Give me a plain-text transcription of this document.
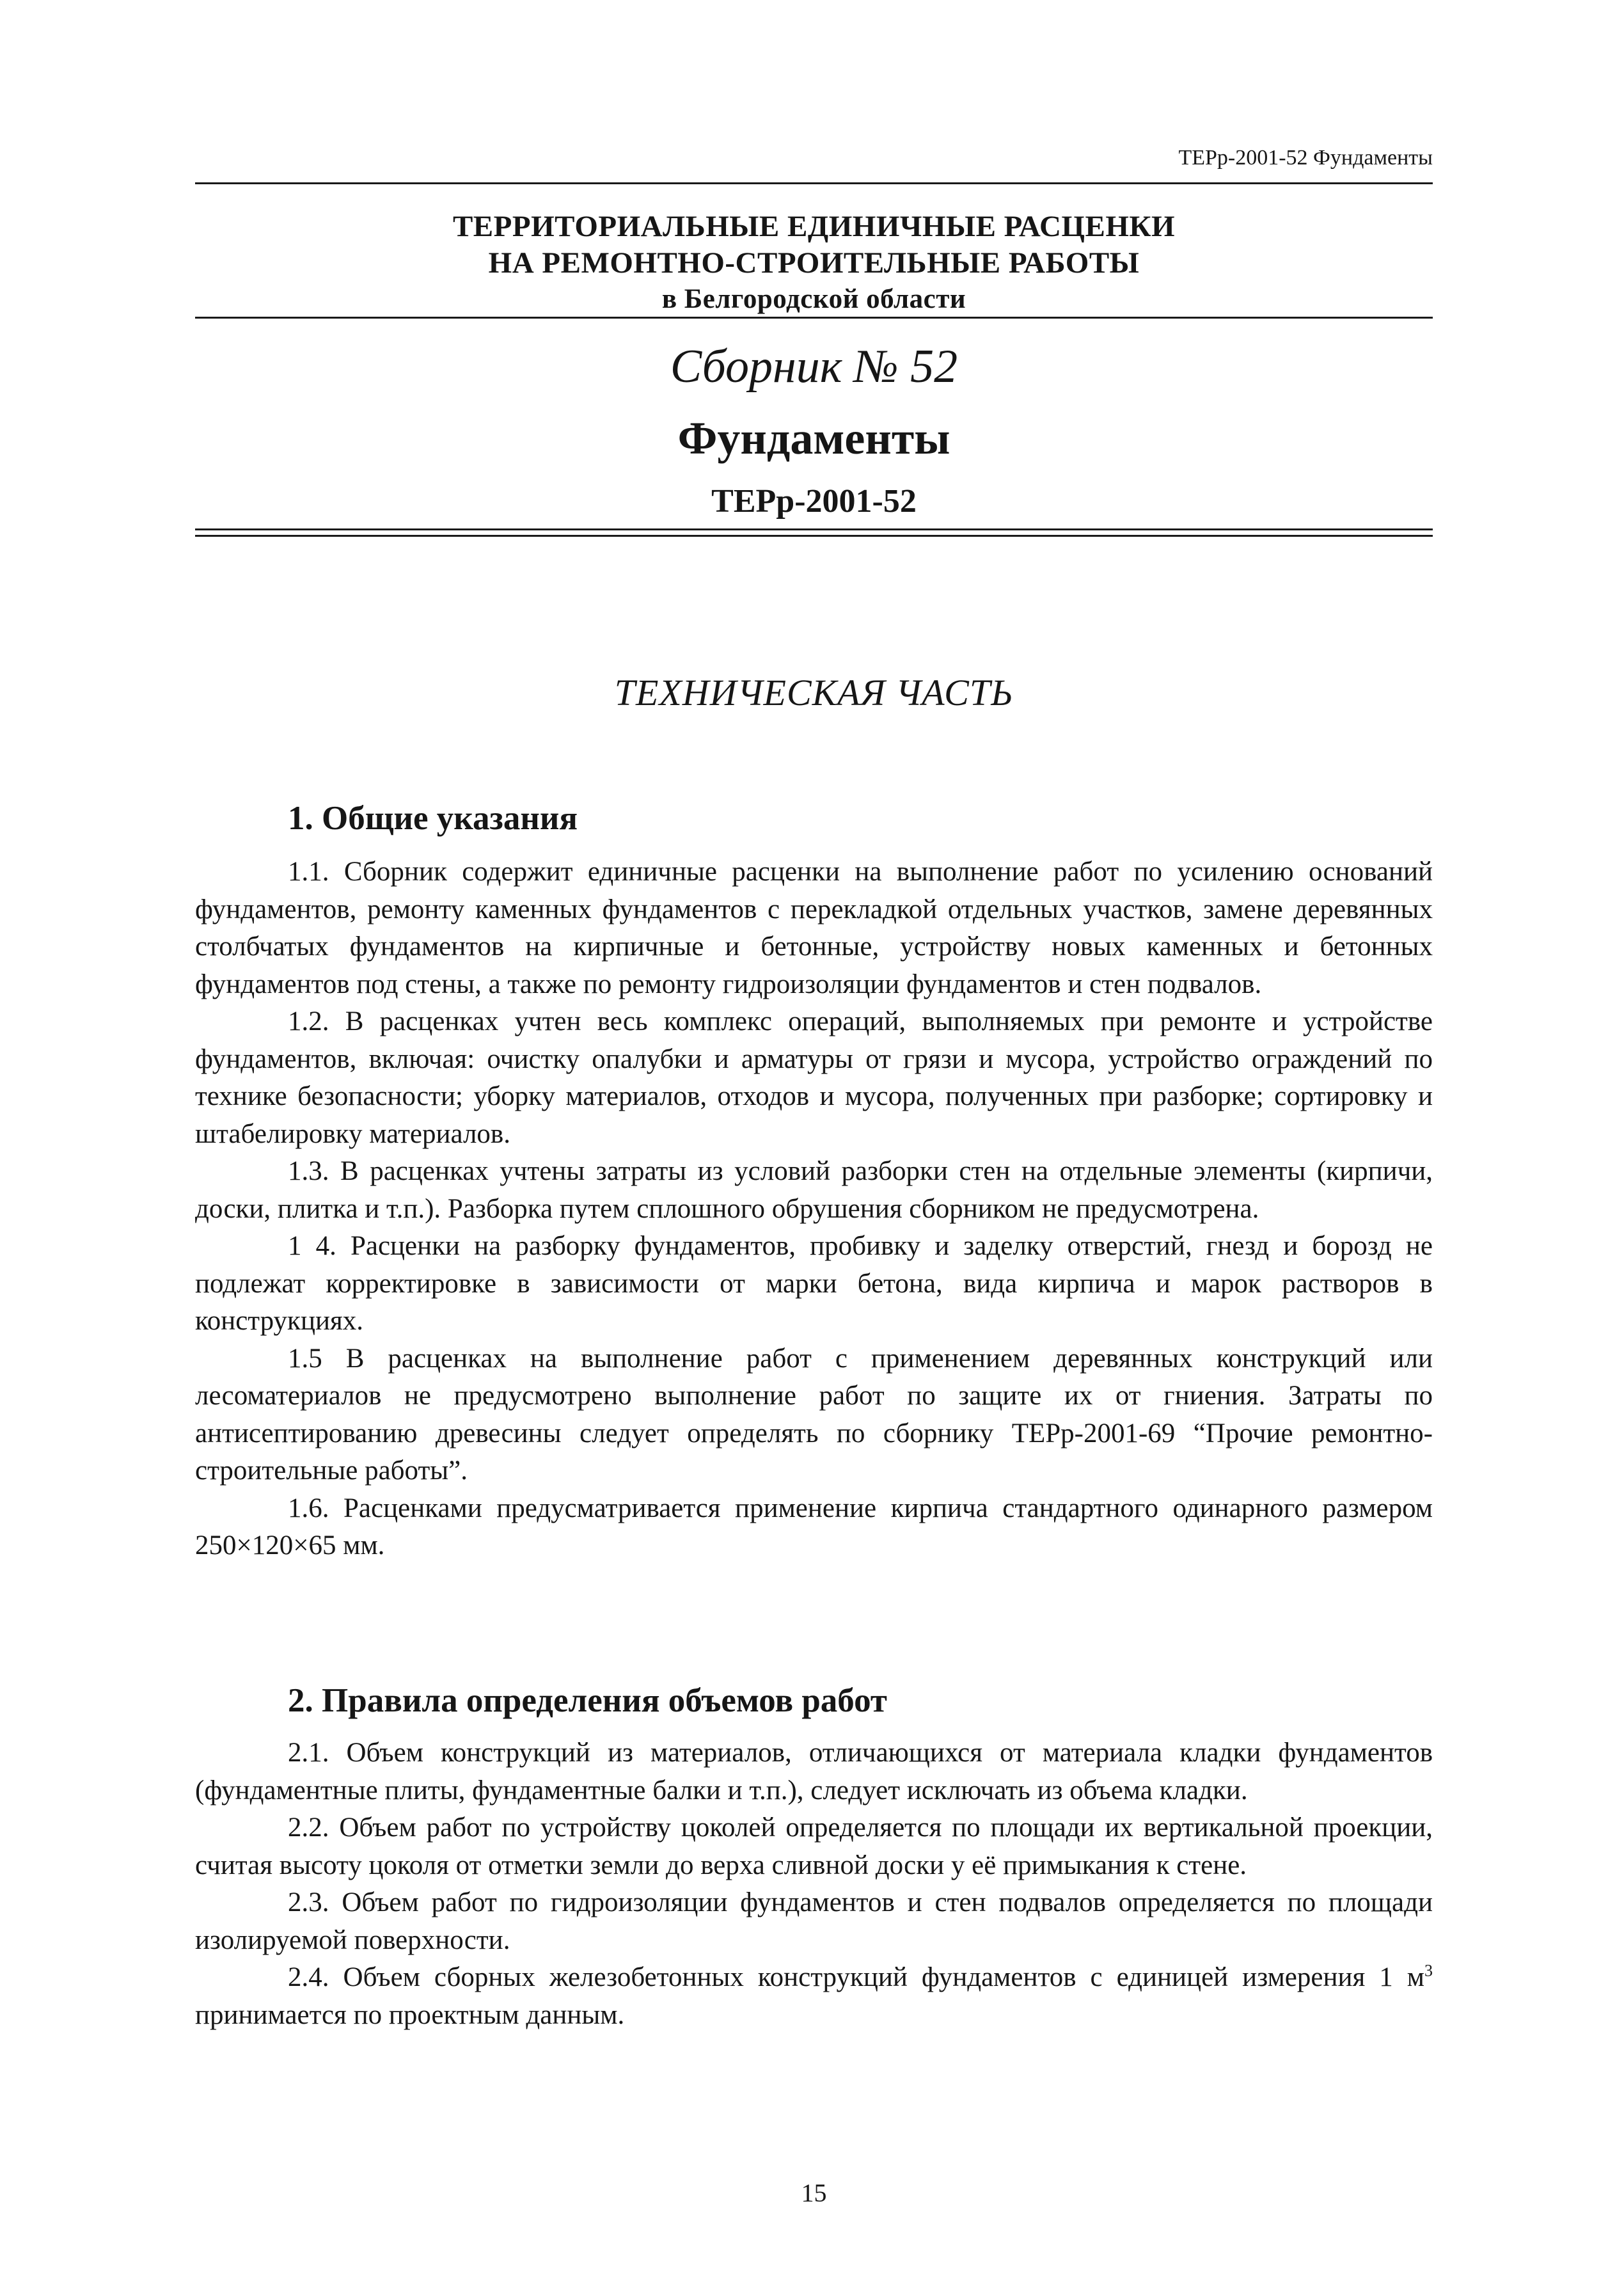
ТЕРр-2001-52 Фундаменты
ТЕРРИТОРИАЛЬНЫЕ ЕДИНИЧНЫЕ РАСЦЕНКИ
НА РЕМОНТНО-СТРОИТЕЛЬНЫЕ РАБОТЫ
в Белгородской области
Сборник № 52
Фундаменты
ТЕРр-2001-52
ТЕХНИЧЕСКАЯ ЧАСТЬ
1. Общие указания

1.1. Сборник содержит единичные расценки на выполнение работ по усилению оснований фундаментов, ремонту каменных фундаментов с перекладкой отдельных участков, замене деревянных столбчатых фундаментов на кирпичные и бетонные, устройству новых каменных и бетонных фундаментов под стены, а также по ремонту гидроизоляции фундаментов и стен подвалов.

1.2. В расценках учтен весь комплекс операций, выполняемых при ремонте и устройстве фундаментов, включая: очистку опалубки и арматуры от грязи и мусора, устройство ограждений по технике безопасности; уборку материалов, отходов и мусора, полученных при разборке; сортировку и штабелировку материалов.

1.3. В расценках учтены затраты из условий разборки стен на отдельные элементы (кирпичи, доски, плитка и т.п.). Разборка путем сплошного обрушения сборником не предусмотрена.

1 4. Расценки на разборку фундаментов, пробивку и заделку отверстий, гнезд и борозд не подлежат корректировке в зависимости от марки бетона, вида кирпича и марок растворов в конструкциях.

1.5 В расценках на выполнение работ с применением деревянных конструкций или лесоматериалов не предусмотрено выполнение работ по защите их от гниения. Затраты по антисептированию древесины следует определять по сборнику ТЕРр-2001-69 “Прочие ремонтно-строительные работы”.

1.6. Расценками предусматривается применение кирпича стандартного одинарного размером 250×120×65 мм.

2. Правила определения объемов работ

2.1. Объем конструкций из материалов, отличающихся от материала кладки фундаментов (фундаментные плиты, фундаментные балки и т.п.), следует исключать из объема кладки.

2.2. Объем работ по устройству цоколей определяется по площади их вертикальной проекции, считая высоту цоколя от отметки земли до верха сливной доски у её примыкания к стене.

2.3. Объем работ по гидроизоляции фундаментов и стен подвалов определяется по площади изолируемой поверхности.

2.4. Объем сборных железобетонных конструкций фундаментов с единицей измерения 1 $м^3$ принимается по проектным данным.

15
